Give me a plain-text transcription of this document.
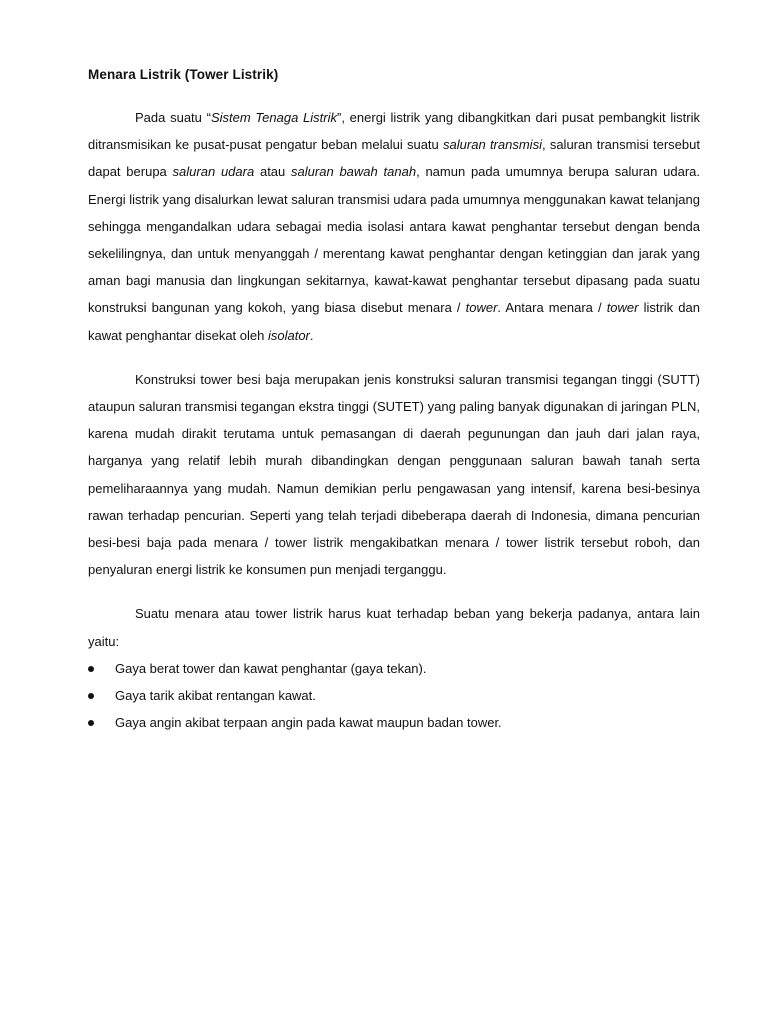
Menara Listrik (Tower Listrik)

Pada suatu “Sistem Tenaga Listrik”, energi listrik yang dibangkitkan dari pusat pembangkit listrik ditransmisikan ke pusat-pusat pengatur beban melalui suatu saluran transmisi, saluran transmisi tersebut dapat berupa saluran udara atau saluran bawah tanah, namun pada umumnya berupa saluran udara. Energi listrik yang disalurkan lewat saluran transmisi udara pada umumnya menggunakan kawat telanjang sehingga mengandalkan udara sebagai media isolasi antara kawat penghantar tersebut dengan benda sekelilingnya, dan untuk menyanggah / merentang kawat penghantar dengan ketinggian dan jarak yang aman bagi manusia dan lingkungan sekitarnya, kawat-kawat penghantar tersebut dipasang pada suatu konstruksi bangunan yang kokoh, yang biasa disebut menara / tower. Antara menara / tower listrik dan kawat penghantar disekat oleh isolator.

Konstruksi tower besi baja merupakan jenis konstruksi saluran transmisi tegangan tinggi (SUTT) ataupun saluran transmisi tegangan ekstra tinggi (SUTET) yang paling banyak digunakan di jaringan PLN, karena mudah dirakit terutama untuk pemasangan di daerah pegunungan dan jauh dari jalan raya, harganya yang relatif lebih murah dibandingkan dengan penggunaan saluran bawah tanah serta pemeliharaannya yang mudah. Namun demikian perlu pengawasan yang intensif, karena besi-besinya rawan terhadap pencurian. Seperti yang telah terjadi dibeberapa daerah di Indonesia, dimana pencurian besi-besi baja pada menara / tower listrik mengakibatkan menara / tower listrik tersebut roboh, dan penyaluran energi listrik ke konsumen pun menjadi terganggu.

Suatu menara atau tower listrik harus kuat terhadap beban yang bekerja padanya, antara lain yaitu:

Gaya berat tower dan kawat penghantar (gaya tekan).
Gaya tarik akibat rentangan kawat.
Gaya angin akibat terpaan angin pada kawat maupun badan tower.
